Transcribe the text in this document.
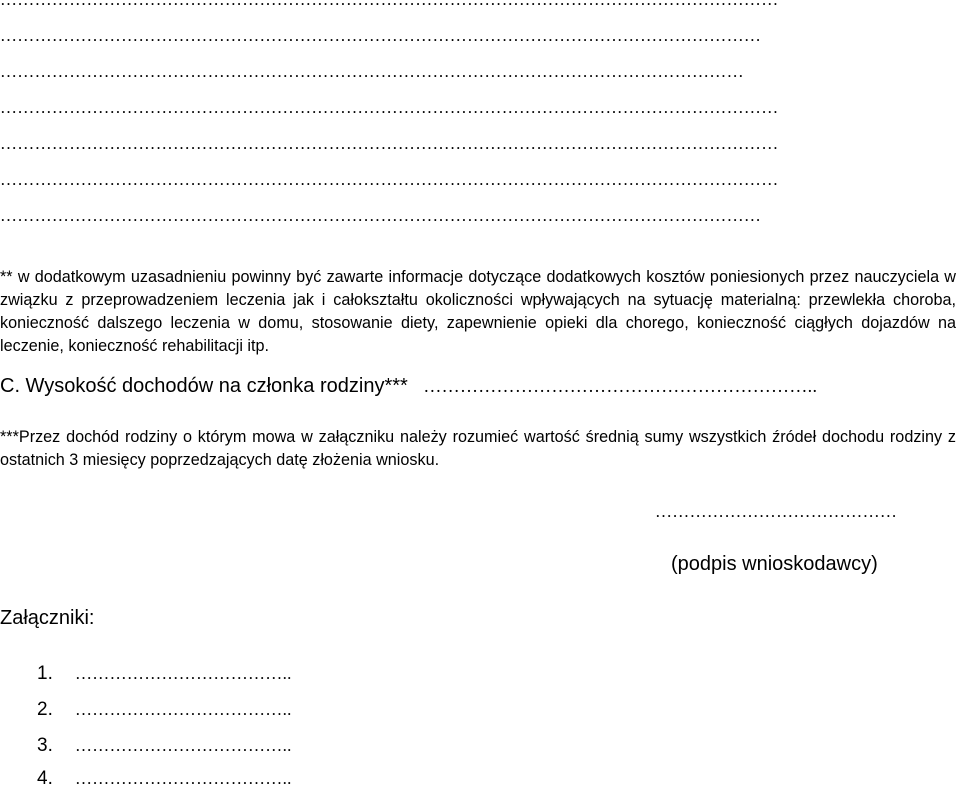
……………………………………………………………………………………………………………………
…………………………………………………………………………………………………………………
………………………………………………………………………………………………………………………
………………………………………………………………………………………………………………………
………………………………………………………………………………………………………………………
……………………………………………………………………………………………………………………
** w dodatkowym uzasadnieniu powinny być zawarte informacje dotyczące dodatkowych kosztów poniesionych przez nauczyciela w związku z przeprowadzeniem leczenia jak i całokształtu okoliczności wpływających na sytuację materialną: przewlekła choroba, konieczność dalszego leczenia w domu, stosowanie diety, zapewnienie opieki dla chorego, konieczność ciągłych dojazdów na leczenie, konieczność rehabilitacji itp.
C. Wysokość dochodów na członka rodziny*** ………………………………………………………..
***Przez dochód rodziny o którym mowa w załączniku należy rozumieć wartość średnią sumy wszystkich źródeł dochodu rodziny z ostatnich 3 miesięcy poprzedzających datę złożenia wniosku.
……………………………………
(podpis wnioskodawcy)
Załączniki:
1. ………………………………..
2. ………………………………..
3. ………………………………..
4. ………………………………..
